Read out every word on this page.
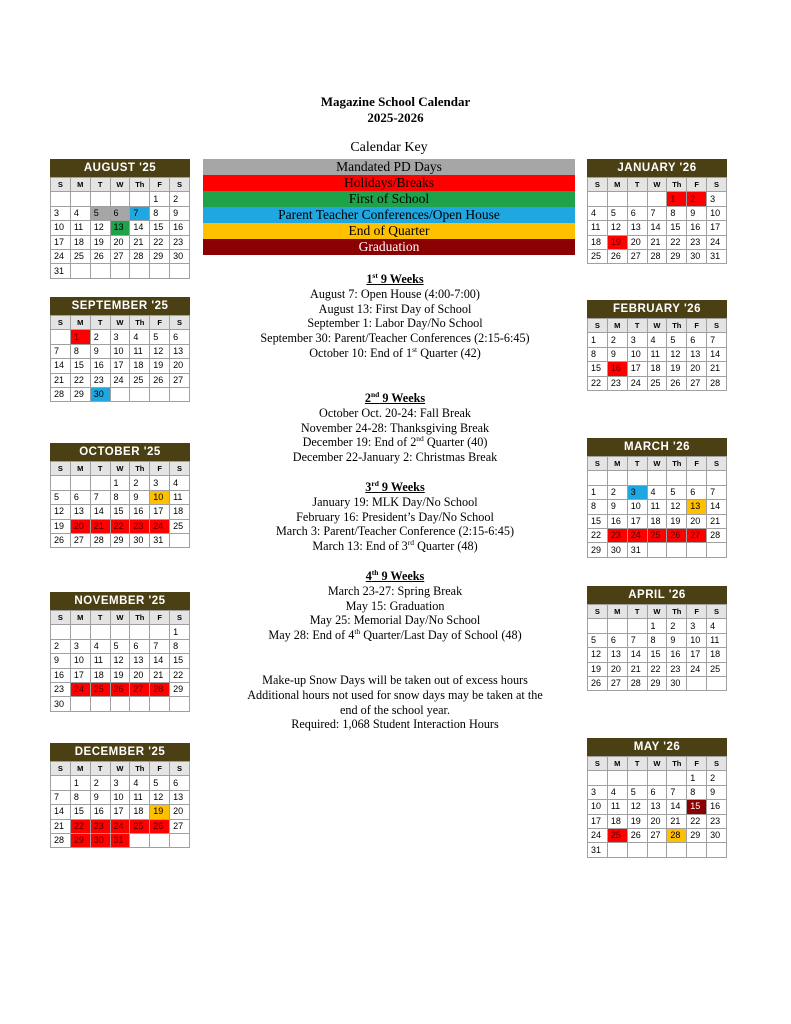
Magazine School Calendar
2025-2026
Calendar Key
Mandated PD Days
Holidays/Breaks
First of School
Parent Teacher Conferences/Open House
End of Quarter
Graduation
AUGUST '25
S	M	T	W	Th	F	S
					1	2
3	4	5	6	7	8	9
10	11	12	13	14	15	16
17	18	19	20	21	22	23
24	25	26	27	28	29	30
31						
SEPTEMBER '25
S	M	T	W	Th	F	S
	1	2	3	4	5	6
7	8	9	10	11	12	13
14	15	16	17	18	19	20
21	22	23	24	25	26	27
28	29	30				
OCTOBER '25
S	M	T	W	Th	F	S
			1	2	3	4
5	6	7	8	9	10	11
12	13	14	15	16	17	18
19	20	21	22	23	24	25
26	27	28	29	30	31	
NOVEMBER '25
S	M	T	W	Th	F	S
						1
2	3	4	5	6	7	8
9	10	11	12	13	14	15
16	17	18	19	20	21	22
23	24	25	26	27	28	29
30						
DECEMBER '25
S	M	T	W	Th	F	S
	1	2	3	4	5	6
7	8	9	10	11	12	13
14	15	16	17	18	19	20
21	22	23	24	25	26	27
28	29	30	31			
JANUARY '26
S	M	T	W	Th	F	S
				1	2	3
4	5	6	7	8	9	10
11	12	13	14	15	16	17
18	19	20	21	22	23	24
25	26	27	28	29	30	31
FEBRUARY '26
S	M	T	W	Th	F	S
1	2	3	4	5	6	7
8	9	10	11	12	13	14
15	16	17	18	19	20	21
22	23	24	25	26	27	28
MARCH '26
S	M	T	W	Th	F	S

1	2	3	4	5	6	7
8	9	10	11	12	13	14
15	16	17	18	19	20	21
22	23	24	25	26	27	28
29	30	31				
APRIL '26
S	M	T	W	Th	F	S
			1	2	3	4
5	6	7	8	9	10	11
12	13	14	15	16	17	18
19	20	21	22	23	24	25
26	27	28	29	30		
MAY '26
S	M	T	W	Th	F	S
					1	2
3	4	5	6	7	8	9
10	11	12	13	14	15	16
17	18	19	20	21	22	23
24	25	26	27	28	29	30
31						
1st 9 Weeks
August 7: Open House (4:00-7:00)
August 13: First Day of School
September 1: Labor Day/No School
September 30: Parent/Teacher Conferences (2:15-6:45)
October 10: End of 1st Quarter (42)
2nd 9 Weeks
October Oct. 20-24: Fall Break
November 24-28: Thanksgiving Break
December 19: End of 2nd Quarter (40)
December 22-January 2: Christmas Break
3rd 9 Weeks
January 19: MLK Day/No School
February 16: President’s Day/No School
March 3: Parent/Teacher Conference (2:15-6:45)
March 13: End of 3rd Quarter (48)
4th 9 Weeks
March 23-27: Spring Break
May 15: Graduation
May 25: Memorial Day/No School
May 28: End of 4th Quarter/Last Day of School (48)
Make-up Snow Days will be taken out of excess hours
Additional hours not used for snow days may be taken at the
end of the school year.
Required: 1,068 Student Interaction Hours
